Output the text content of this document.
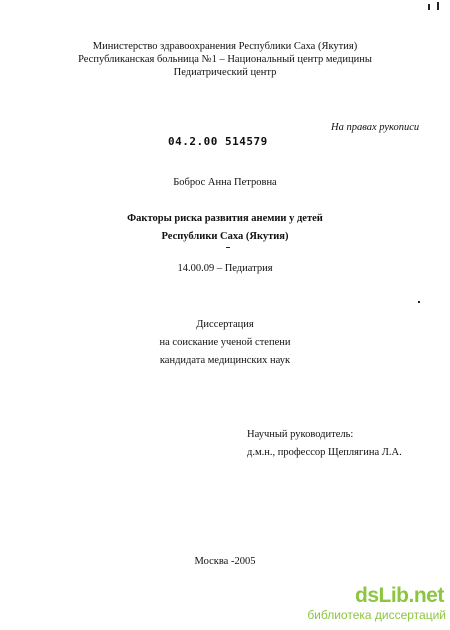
Министерство здравоохранения Республики Саха (Якутия)
Республиканская больница №1 – Национальный центр медицины
Педиатрический центр
На правах рукописи
04.2.00 514579
Боброс Анна Петровна
Факторы риска развития анемии у детей
Республики Саха (Якутия)
14.00.09 – Педиатрия
Диссертация
на соискание ученой степени
кандидата медицинских наук
Научный руководитель:
д.м.н., профессор Щеплягина Л.А.
Москва -2005
dsLib.net
библиотека диссертаций
